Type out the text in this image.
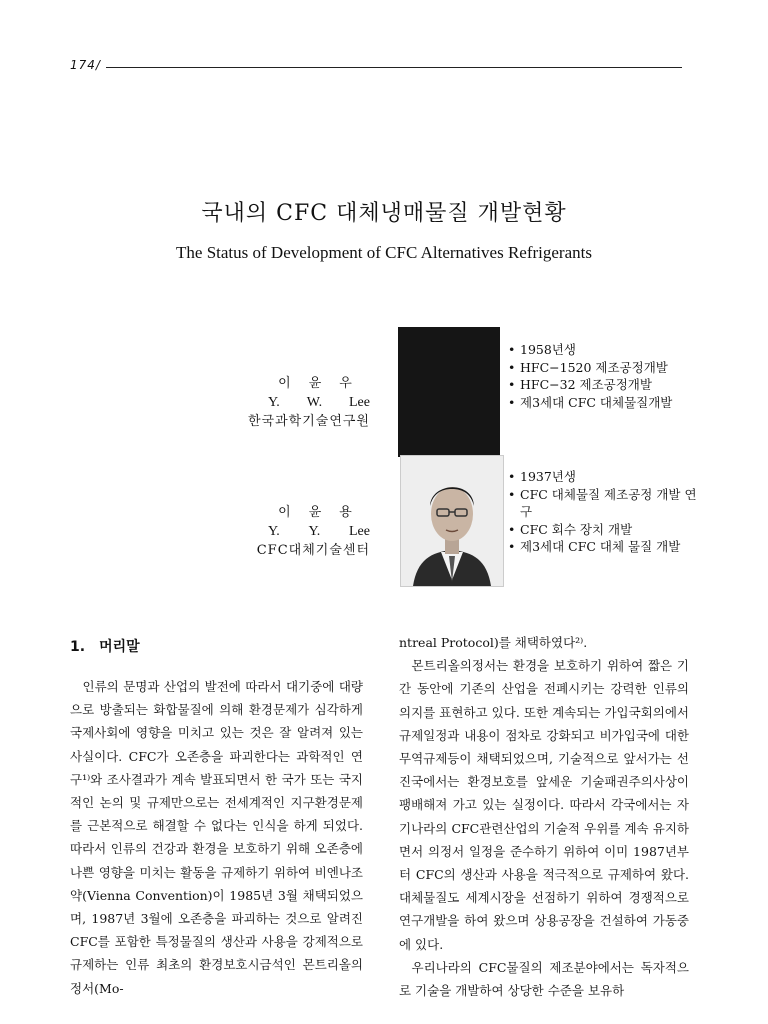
174/
국내의 CFC 대체냉매물질 개발현황
The Status of Development of CFC Alternatives Refrigerants
이윤우
Y. W. Lee
한국과학기술연구원
• 1958년생
• HFC−1520 제조공정개발
• HFC−32 제조공정개발
• 제3세대 CFC 대체물질개발
이윤용
Y. Y. Lee
CFC대체기술센터
• 1937년생
• CFC 대체물질 제조공정 개발 연구
• CFC 회수 장치 개발
• 제3세대 CFC 대체 물질 개발
1. 머리말

인류의 문명과 산업의 발전에 따라서 대기중에 대량으로 방출되는 화합물질에 의해 환경문제가 심각하게 국제사회에 영향을 미치고 있는 것은 잘 알려져 있는 사실이다. CFC가 오존층을 파괴한다는 과학적인 연구¹⁾와 조사결과가 계속 발표되면서 한 국가 또는 국지적인 논의 및 규제만으로는 전세계적인 지구환경문제를 근본적으로 해결할 수 없다는 인식을 하게 되었다. 따라서 인류의 건강과 환경을 보호하기 위해 오존층에 나쁜 영향을 미치는 활동을 규제하기 위하여 비엔나조약(Vienna Convention)이 1985년 3월 채택되었으며, 1987년 3월에 오존층을 파괴하는 것으로 알려진 CFC를 포함한 특정물질의 생산과 사용을 강제적으로 규제하는 인류 최초의 환경보호시금석인 몬트리올의정서(Mo-

ntreal Protocol)를 채택하였다²⁾.

몬트리올의정서는 환경을 보호하기 위하여 짧은 기간 동안에 기존의 산업을 전폐시키는 강력한 인류의 의지를 표현하고 있다. 또한 계속되는 가입국회의에서 규제일정과 내용이 점차로 강화되고 비가입국에 대한 무역규제등이 채택되었으며, 기술적으로 앞서가는 선진국에서는 환경보호를 앞세운 기술패권주의사상이 팽배해져 가고 있는 실정이다. 따라서 각국에서는 자기나라의 CFC관련산업의 기술적 우위를 계속 유지하면서 의정서 일정을 준수하기 위하여 이미 1987년부터 CFC의 생산과 사용을 적극적으로 규제하여 왔다. 대체물질도 세계시장을 선점하기 위하여 경쟁적으로 연구개발을 하여 왔으며 상용공장을 건설하여 가동중에 있다.

우리나라의 CFC물질의 제조분야에서는 독자적으로 기술을 개발하여 상당한 수준을 보유하
